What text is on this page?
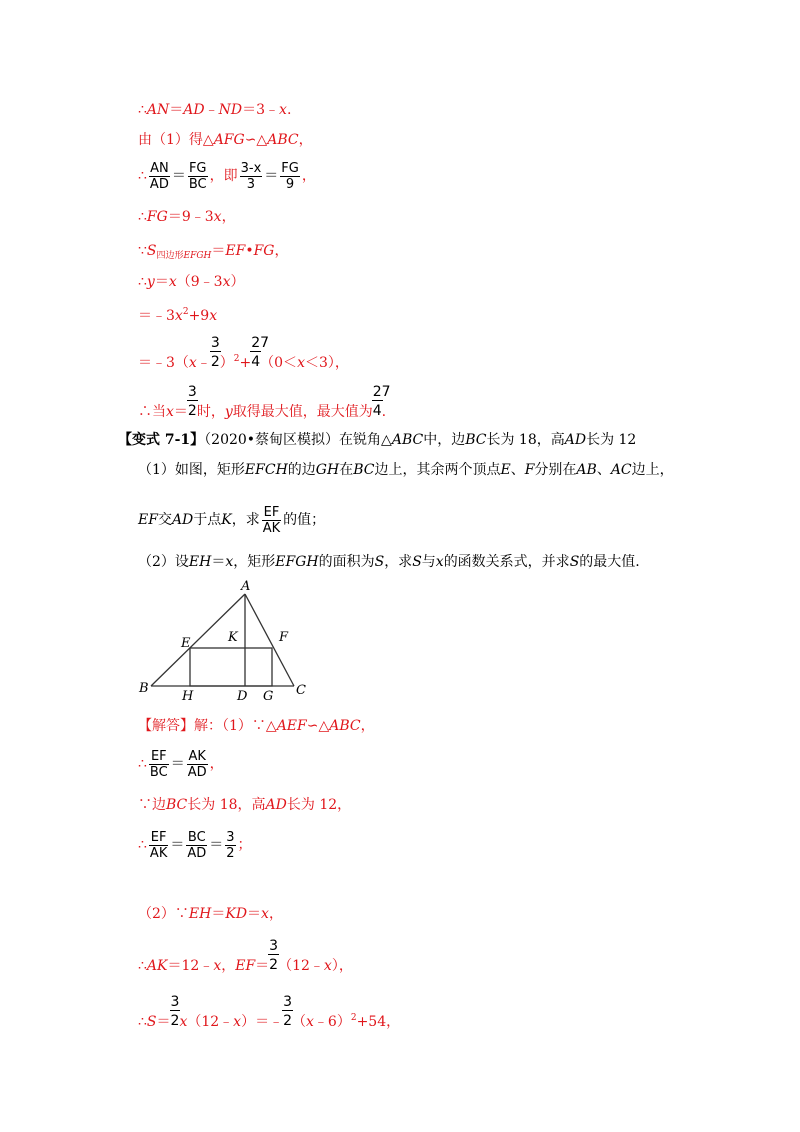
∴AN＝AD﹣ND＝3﹣x.
由（1）得△AFG∽△ABC，
∴ $\frac{AN}{AD} = \frac{FG}{BC}$ ，即 $\frac{3-x}{3} = \frac{FG}{9}$ ，
∴FG＝9﹣3x，
$\because S_{四边形EFGH}=EF•FG$，
∴y＝x（9﹣3x）
$=﹣3x^2+9x$
＝﹣3（x﹣ $\frac{3}{2})^2+ \frac{27}{4}(0<x<3)$，
∴当$x= \frac{3}{2}$时，y取得最大值，最大值为 $\frac{27}{4}$.
【变式 7-1】（2020•蔡甸区模拟）在锐角△ABC中，边BC长为 18，高AD长为 12
（1）如图，矩形EFCH的边GH在BC边上，其余两个顶点E、F分别在AB、AC边上，
EF交AD于点K，求 $\frac{EF}{AK}$ 的值；
（2）设EH＝x，矩形EFGH的面积为S，求S与x的函数关系式，并求S的最大值.
A
B	C
D
E	F
G
H
K
【解答】解：（1）∵△AEF∽△ABC，
∴ $\frac{EF}{BC} = \frac{AK}{AD}$ ，
∵边BC长为 18，高AD长为 12，
∴ $\frac{EF}{AK} = \frac{BC}{AD} = \frac{3}{2}$ ；
（2）∵EH＝KD＝x，
∴AK＝12﹣x，$EF= \frac{3}{2}(12﹣x)$，
∴S＝ $\frac{3}{2}x(12﹣x)=﹣$ $\frac{3}{2}(x﹣6)^2+54$，
